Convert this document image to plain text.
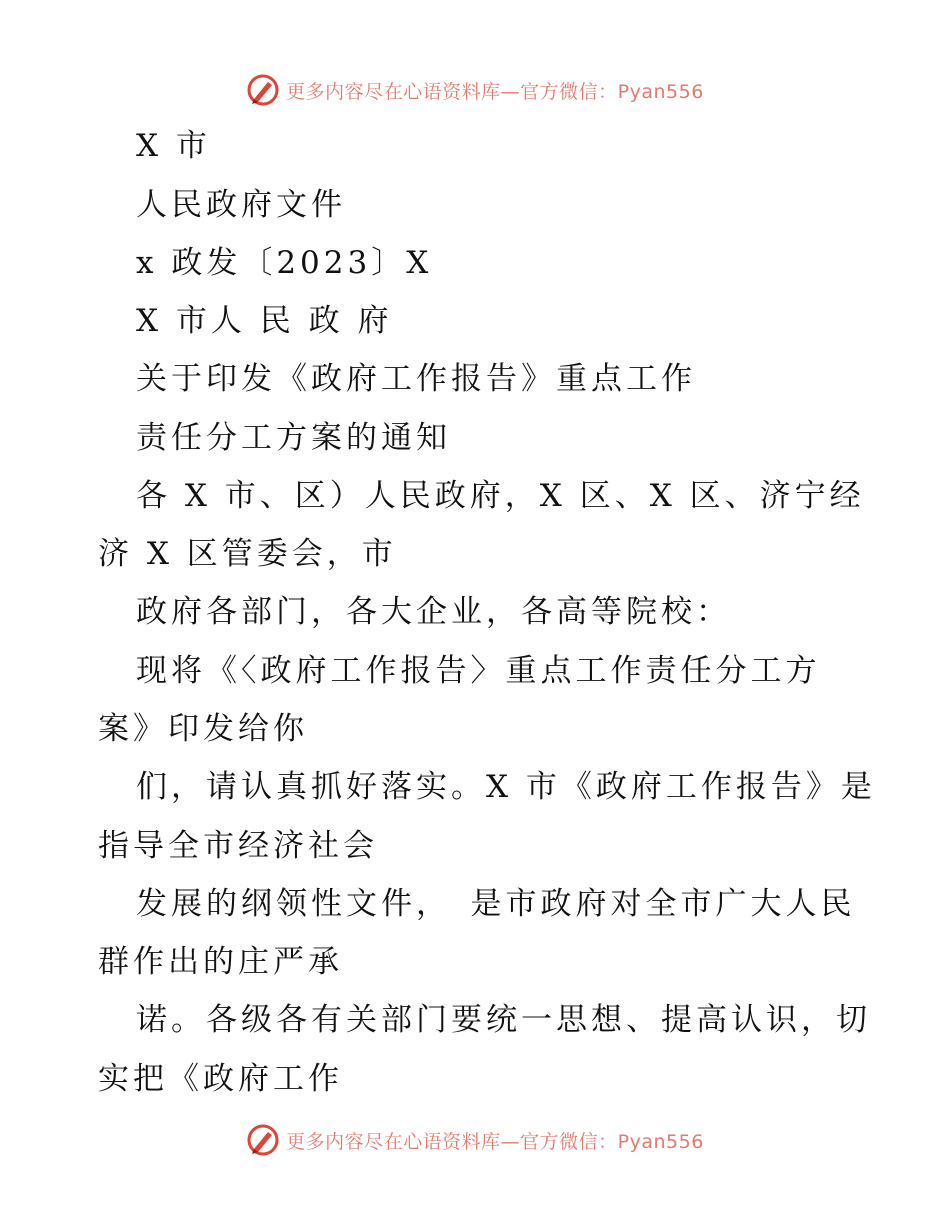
更多内容尽在心语资料库—官方微信：Pyan556
X 市
人民政府文件
x 政发〔2023〕X
X 市人 民 政 府
关于印发《政府工作报告》重点工作
责任分工方案的通知
各 X 市、区）人民政府，X 区、X 区、济宁经
济 X 区管委会，市
政府各部门，各大企业，各高等院校：
现将《〈政府工作报告〉重点工作责任分工方
案》印发给你
们，请认真抓好落实。X 市《政府工作报告》是
指导全市经济社会
发展的纲领性文件，　是市政府对全市广大人民
群作出的庄严承
诺。各级各有关部门要统一思想、提高认识，切
实把《政府工作
更多内容尽在心语资料库—官方微信：Pyan556
